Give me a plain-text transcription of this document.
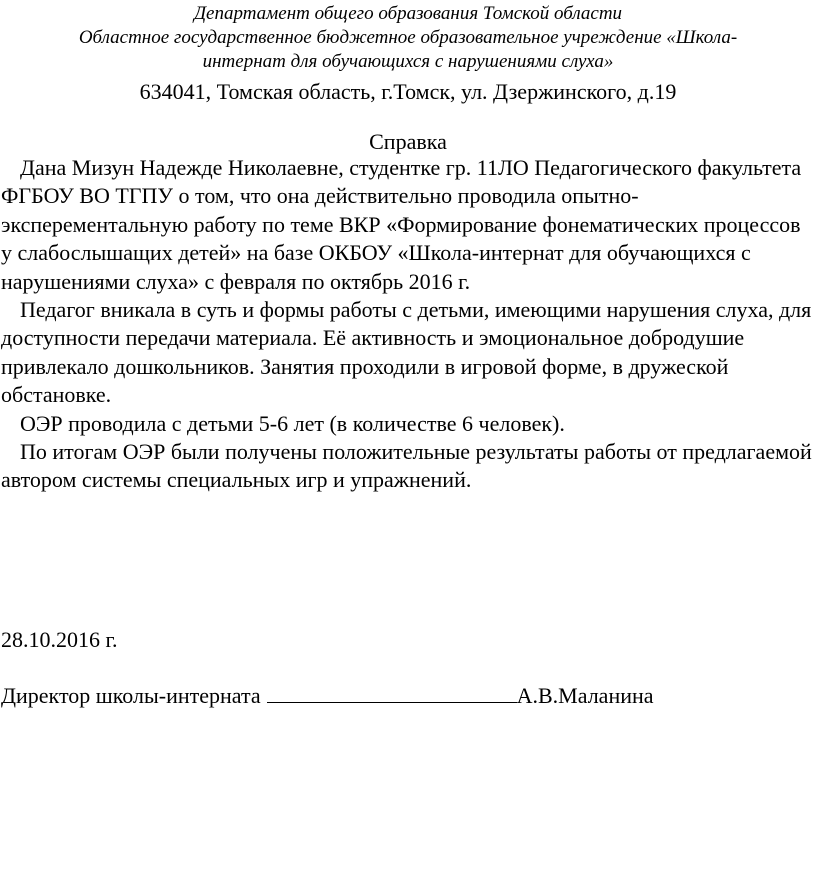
Департамент общего образования Томской области

Областное государственное бюджетное образовательное учреждение «Школа-

интернат для обучающихся с нарушениями слуха»

634041, Томская область, г.Томск, ул. Дзержинского, д.19

Справка

Дана Мизун Надежде Николаевне, студентке гр. 11ЛО Педагогического факультета ФГБОУ ВО ТГПУ о том, что она действительно проводила опытно-эксперементальную работу по теме ВКР «Формирование фонематических процессов у слабослышащих детей» на базе ОКБОУ «Школа-интернат для обучающихся с нарушениями слуха» с февраля по октябрь 2016 г.

Педагог вникала в суть и формы работы с детьми, имеющими нарушения слуха, для доступности передачи материала. Её активность и эмоциональное добродушие привлекало дошкольников. Занятия проходили в игровой форме, в дружеской обстановке.

ОЭР проводила с детьми 5-6 лет (в количестве 6 человек).

По итогам ОЭР были получены положительные результаты работы от предлагаемой автором системы специальных игр и упражнений.

28.10.2016 г.

Директор школы-интерната	А.В.Маланина
